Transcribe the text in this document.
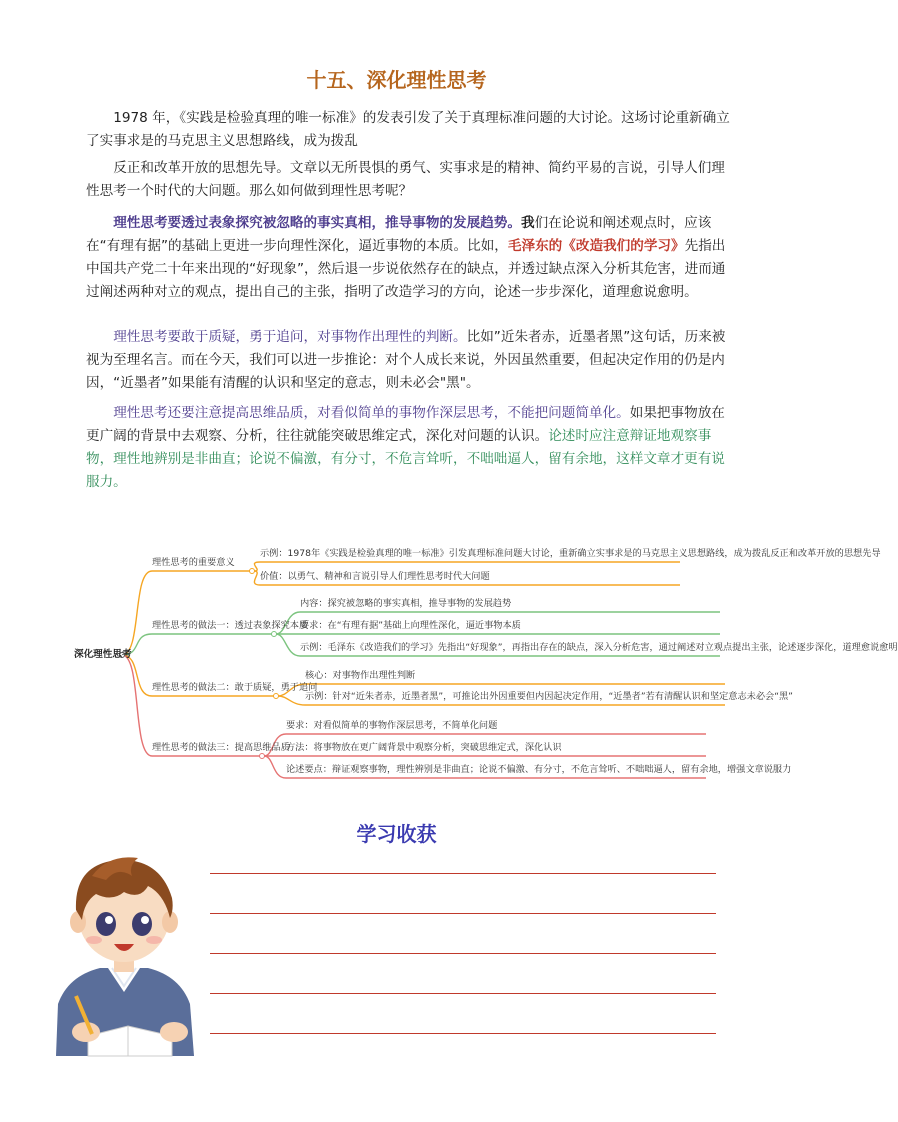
十五、深化理性思考

1978 年，《实践是检验真理的唯一标准》的发表引发了关于真理标准问题的大讨论。这场讨论重新确立了实事求是的马克思主义思想路线，成为拨乱

反正和改革开放的思想先导。文章以无所畏惧的勇气、实事求是的精神、简约平易的言说，引导人们理性思考一个时代的大问题。那么如何做到理性思考呢？

理性思考要透过表象探究被忽略的事实真相，推导事物的发展趋势。我们在论说和阐述观点时，应该在“有理有据”的基础上更进一步向理性深化，逼近事物的本质。比如，毛泽东的《改造我们的学习》先指出中国共产党二十年来出现的“好现象”，然后退一步说依然存在的缺点，并透过缺点深入分析其危害，进而通过阐述两种对立的观点，提出自己的主张，指明了改造学习的方向，论述一步步深化，道理愈说愈明。

理性思考要敢于质疑，勇于追问，对事物作出理性的判断。比如”近朱者赤，近墨者黑”这句话，历来被视为至理名言。而在今天，我们可以进一步推论：对个人成长来说，外因虽然重要，但起决定作用的仍是内因，“近墨者”如果能有清醒的认识和坚定的意志，则未必会"黑"。

理性思考还要注意提高思维品质，对看似简单的事物作深层思考，不能把问题简单化。如果把事物放在更广阔的背景中去观察、分析，往往就能突破思维定式，深化对问题的认识。论述时应注意辩证地观察事物，理性地辨别是非曲直；论说不偏激，有分寸，不危言耸听，不咄咄逼人，留有余地，这样文章才更有说服力。

深化理性思考
理性思考的重要意义
示例：1978年《实践是检验真理的唯一标准》引发真理标准问题大讨论，重新确立实事求是的马克思主义思想路线，成为拨乱反正和改革开放的思想先导
价值：以勇气、精神和言说引导人们理性思考时代大问题
理性思考的做法一：透过表象探究本质
内容：探究被忽略的事实真相，推导事物的发展趋势
要求：在“有理有据”基础上向理性深化，逼近事物本质
示例：毛泽东《改造我们的学习》先指出“好现象”，再指出存在的缺点，深入分析危害，通过阐述对立观点提出主张，论述逐步深化，道理愈说愈明
理性思考的做法二：敢于质疑，勇于追问
核心：对事物作出理性判断
示例：针对“近朱者赤，近墨者黑”，可推论出外因重要但内因起决定作用，“近墨者”若有清醒认识和坚定意志未必会“黑”
理性思考的做法三：提高思维品质
要求：对看似简单的事物作深层思考，不简单化问题
方法：将事物放在更广阔背景中观察分析，突破思维定式，深化认识
论述要点：辩证观察事物，理性辨别是非曲直；论说不偏激、有分寸，不危言耸听、不咄咄逼人，留有余地，增强文章说服力
学习收获
